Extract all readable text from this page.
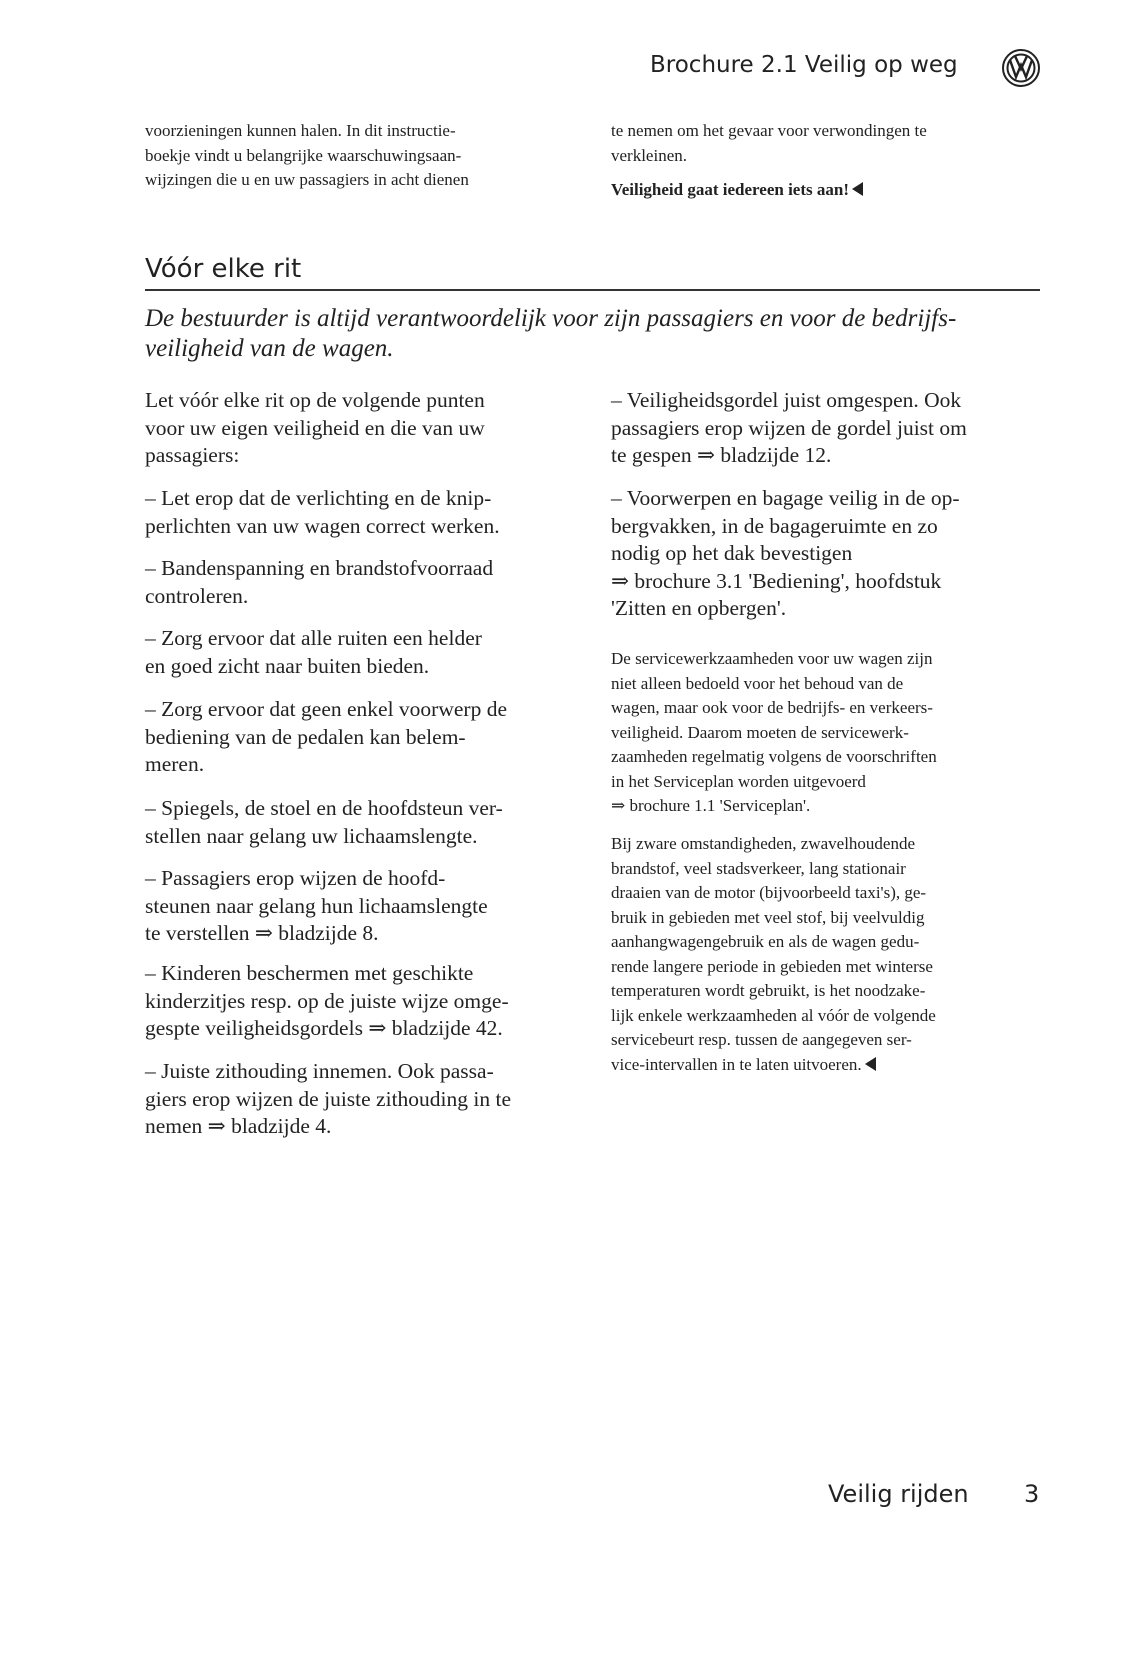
Brochure 2.1 Veilig op weg
voorzieningen kunnen halen. In dit instructie-
boekje vindt u belangrijke waarschuwingsaan-
wijzingen die u en uw passagiers in acht dienen
te nemen om het gevaar voor verwondingen te
verkleinen.
Veiligheid gaat iedereen iets aan!
Vóór elke rit
De bestuurder is altijd verantwoordelijk voor zijn passagiers en voor de bedrijfs-
veiligheid van de wagen.
Let vóór elke rit op de volgende punten
voor uw eigen veiligheid en die van uw
passagiers:
– Let erop dat de verlichting en de knip-
perlichten van uw wagen correct werken.
– Bandenspanning en brandstofvoorraad
controleren.
– Zorg ervoor dat alle ruiten een helder
en goed zicht naar buiten bieden.
– Zorg ervoor dat geen enkel voorwerp de
bediening van de pedalen kan belem-
meren.
– Spiegels, de stoel en de hoofdsteun ver-
stellen naar gelang uw lichaamslengte.
– Passagiers erop wijzen de hoofd-
steunen naar gelang hun lichaamslengte
te verstellen ⇒ bladzijde 8.
– Kinderen beschermen met geschikte
kinderzitjes resp. op de juiste wijze omge-
gespte veiligheidsgordels ⇒ bladzijde 42.
– Juiste zithouding innemen. Ook passa-
giers erop wijzen de juiste zithouding in te
nemen ⇒ bladzijde 4.
– Veiligheidsgordel juist omgespen. Ook
passagiers erop wijzen de gordel juist om
te gespen ⇒ bladzijde 12.
– Voorwerpen en bagage veilig in de op-
bergvakken, in de bagageruimte en zo
nodig op het dak bevestigen
⇒ brochure 3.1 'Bediening', hoofdstuk
'Zitten en opbergen'.
De servicewerkzaamheden voor uw wagen zijn
niet alleen bedoeld voor het behoud van de
wagen, maar ook voor de bedrijfs- en verkeers-
veiligheid. Daarom moeten de servicewerk-
zaamheden regelmatig volgens de voorschriften
in het Serviceplan worden uitgevoerd
⇒ brochure 1.1 'Serviceplan'.
Bij zware omstandigheden, zwavelhoudende
brandstof, veel stadsverkeer, lang stationair
draaien van de motor (bijvoorbeeld taxi's), ge-
bruik in gebieden met veel stof, bij veelvuldig
aanhangwagengebruik en als de wagen gedu-
rende langere periode in gebieden met winterse
temperaturen wordt gebruikt, is het noodzake-
lijk enkele werkzaamheden al vóór de volgende
servicebeurt resp. tussen de aangegeven ser-
vice-intervallen in te laten uitvoeren.
Veilig rijden 3
